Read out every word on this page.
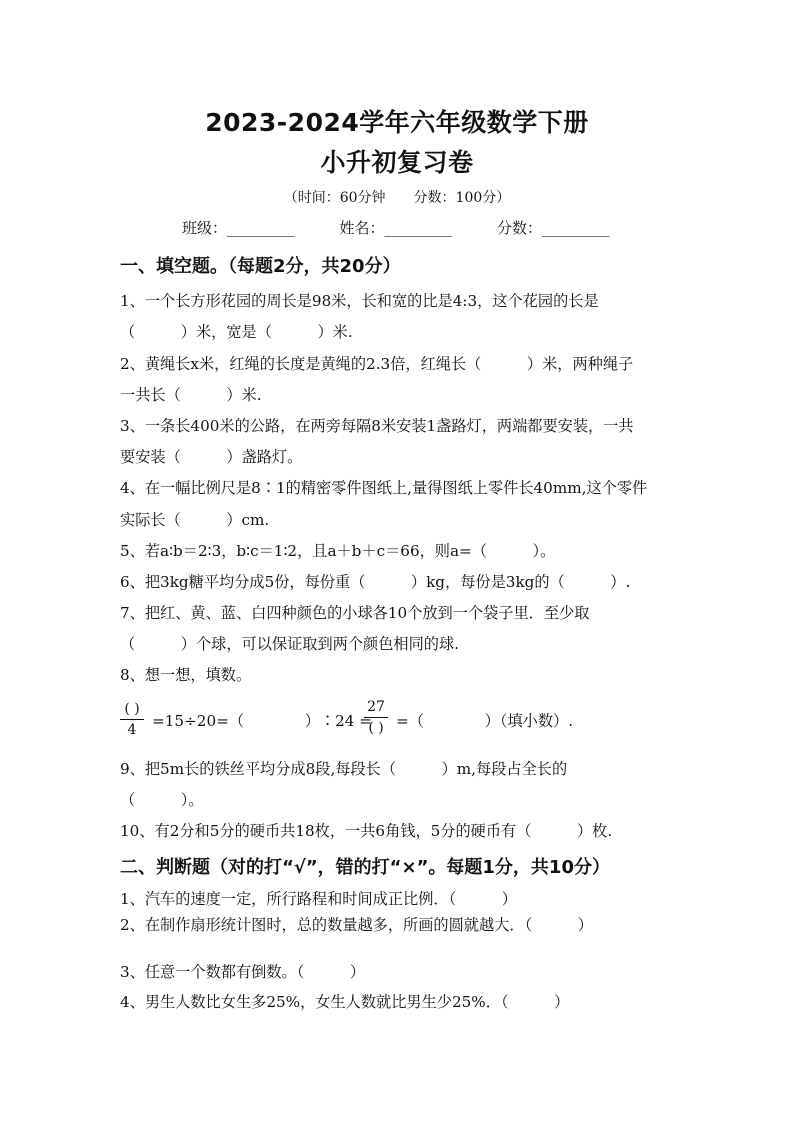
2023-2024学年六年级数学下册
小升初复习卷
（时间：60分钟　　分数：100分）
班级：_________　　　姓名：_________　　　分数：_________
一、填空题。（每题2分，共20分）
1、一个长方形花园的周长是98米，长和宽的比是4:3，这个花园的长是
（　　　）米，宽是（　　　）米.
2、黄绳长x米，红绳的长度是黄绳的2.3倍，红绳长（　　　）米，两种绳子
一共长（　　　）米.
3、一条长400米的公路，在两旁每隔8米安装1盏路灯，两端都要安装，一共
要安装（　　　）盏路灯。
4、在一幅比例尺是8∶1的精密零件图纸上,量得图纸上零件长40mm,这个零件
实际长（　　　）cm.
5、若a∶b＝2∶3，b∶c＝1∶2，且a＋b＋c＝66，则a=（　　　）。
6、把3kg糖平均分成5份，每份重（　　　）kg，每份是3kg的（　　　）.
7、把红、黄、蓝、白四种颜色的小球各10个放到一个袋子里．至少取
（　　　）个球，可以保证取到两个颜色相同的球.
8、想一想，填数。
( )
4	=15÷20=（　　　　）∶24 =
27
( ) =（　　　　）（填小数）.
9、把5m长的铁丝平均分成8段,每段长（　　　）m,每段占全长的
（　　　）。
10、有2分和5分的硬币共18枚，一共6角钱，5分的硬币有（　　　）枚.
二、判断题（对的打“√”，错的打“×”。每题1分，共10分）
1、汽车的速度一定，所行路程和时间成正比例．（　　　）
2、在制作扇形统计图时，总的数量越多，所画的圆就越大．（　　　）
3、任意一个数都有倒数。（　　　）
4、男生人数比女生多25%，女生人数就比男生少25%．（　　　）
